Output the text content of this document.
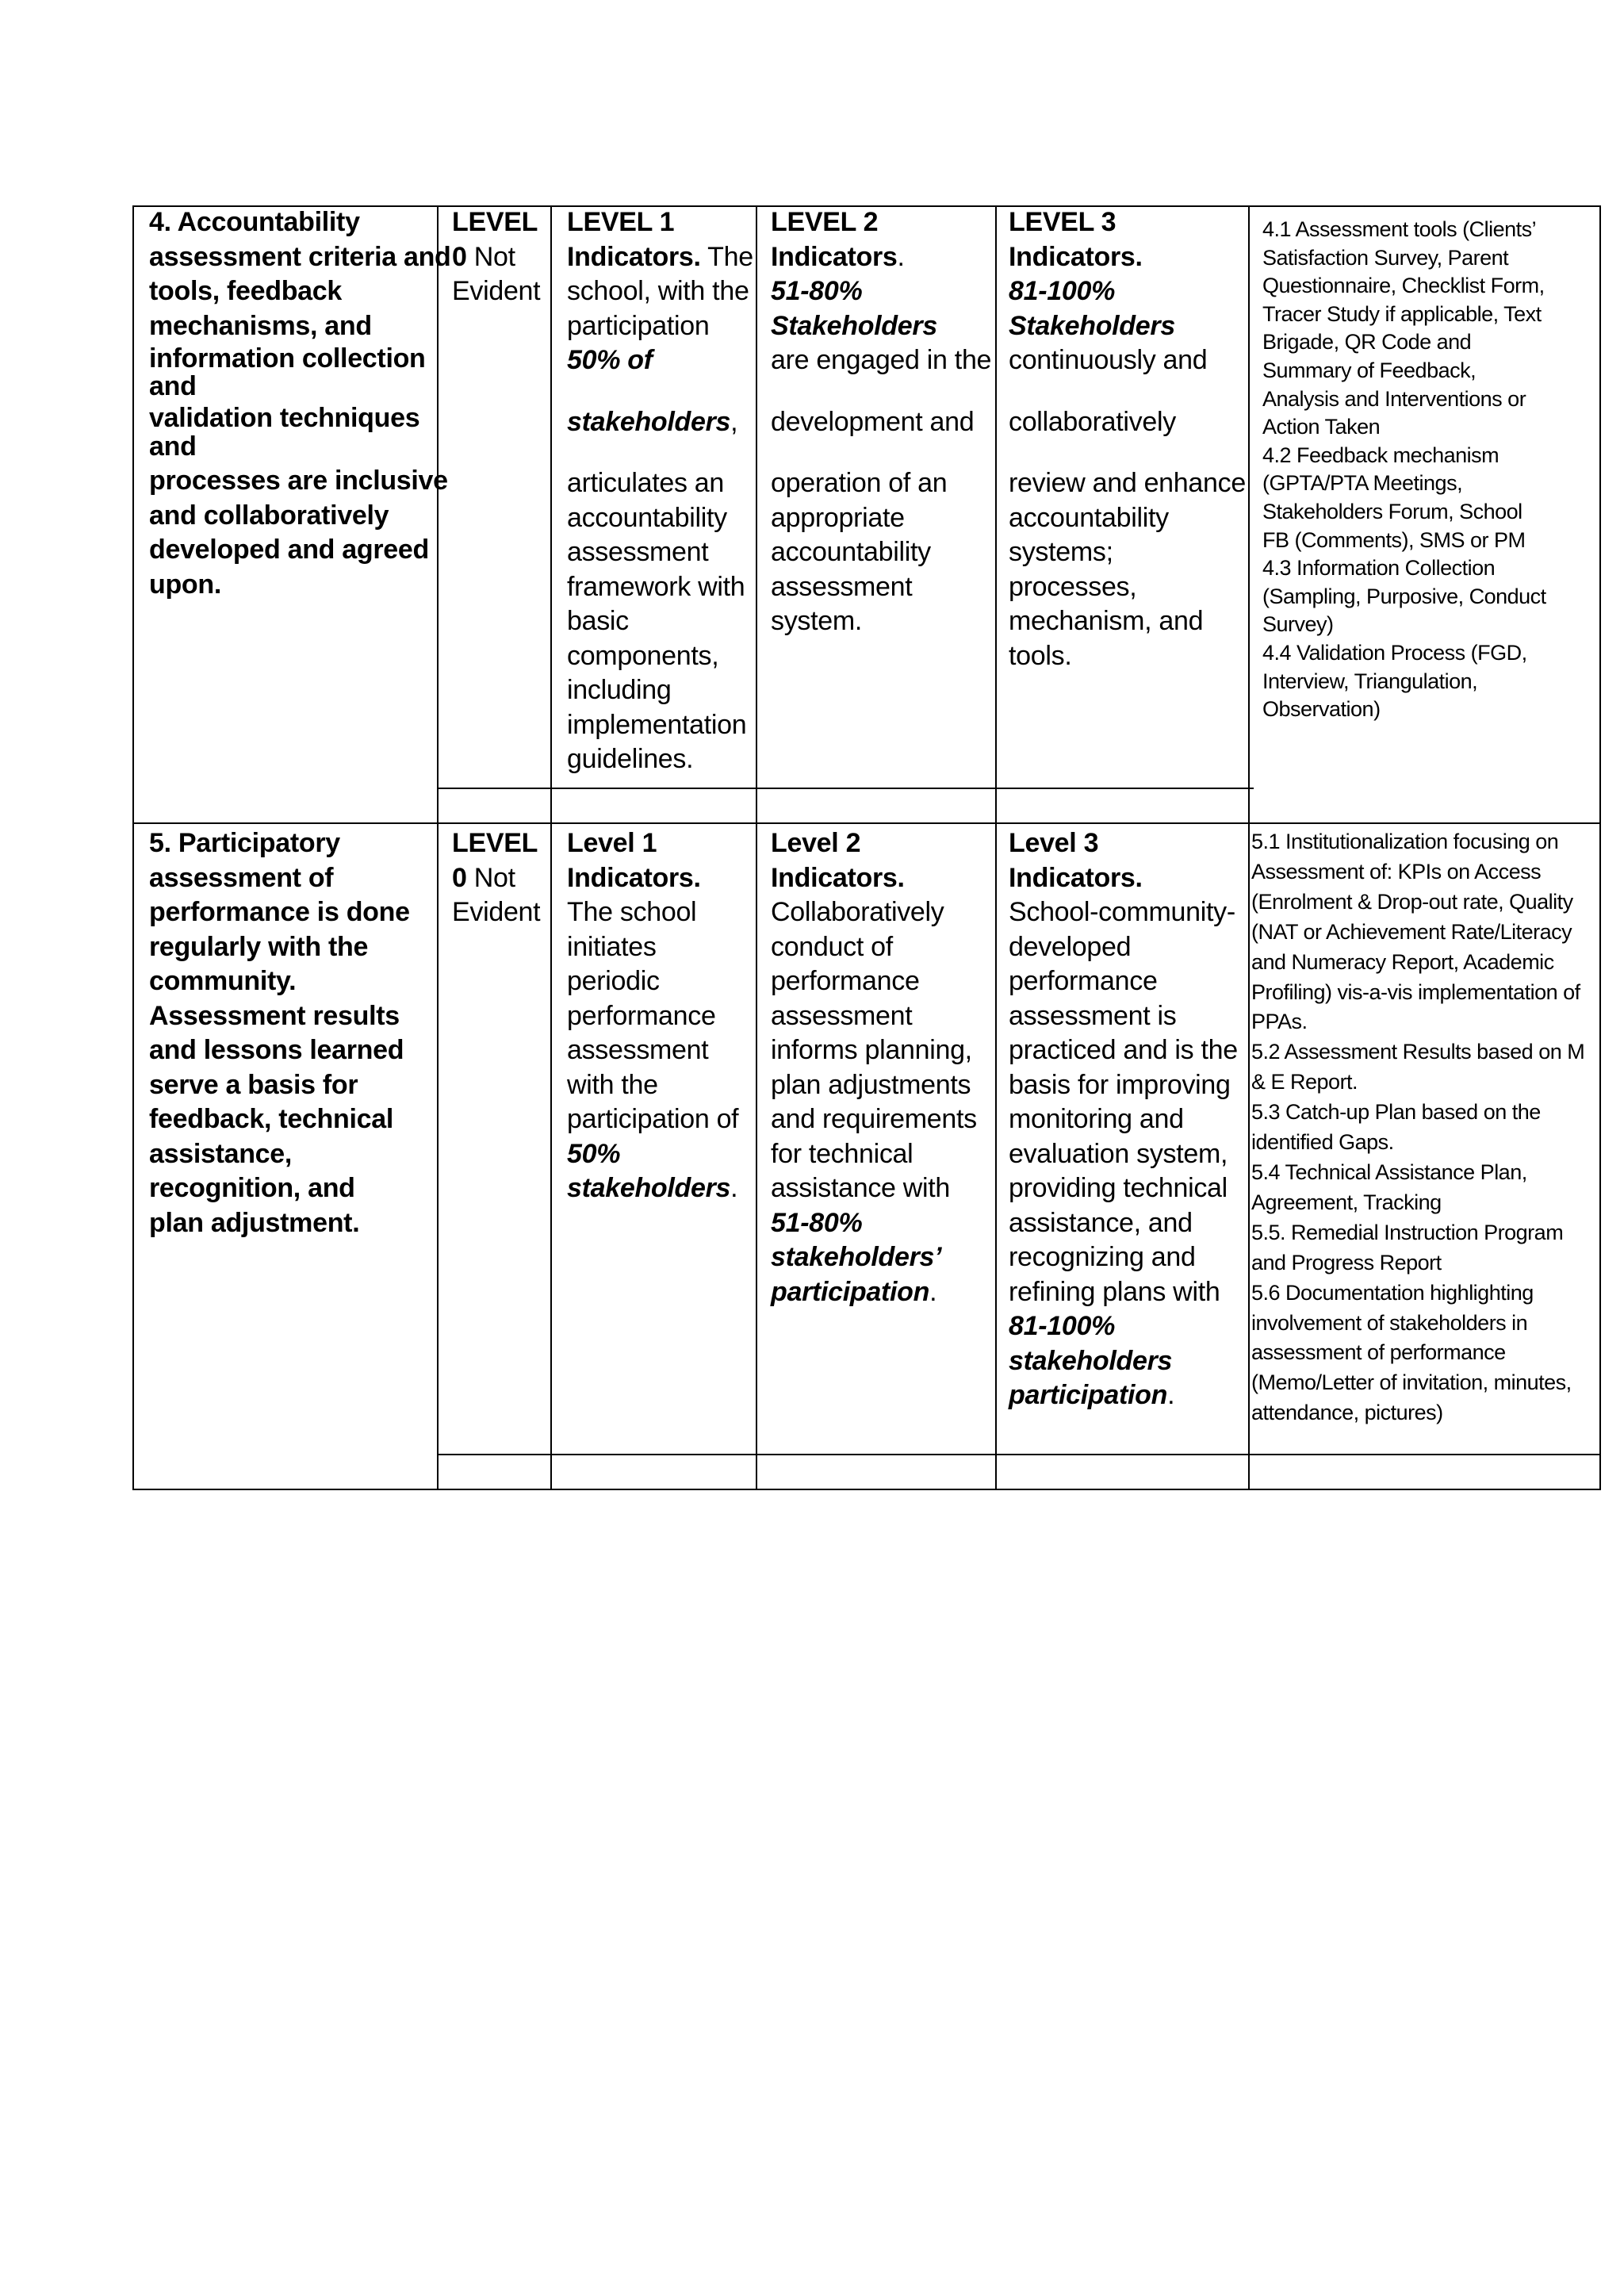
4. Accountability
assessment criteria and
tools, feedback
mechanisms, and
information collection
and
validation techniques
and
processes are inclusive
and collaboratively
developed and agreed
upon.
LEVEL
0 Not
Evident
LEVEL 1
Indicators. The
school, with the
participation
50% of
stakeholders,
articulates an
accountability
assessment
framework with
basic
components,
including
implementation
guidelines.
LEVEL 2
Indicators.
51-80%
Stakeholders
are engaged in the
development and
operation of an
appropriate
accountability
assessment
system.
LEVEL 3
Indicators.
81-100%
Stakeholders
continuously and
collaboratively
review and enhance
accountability
systems;
processes,
mechanism, and
tools.
4.1 Assessment tools (Clients’
Satisfaction Survey, Parent
Questionnaire, Checklist Form,
Tracer Study if applicable, Text
Brigade, QR Code and
Summary of Feedback,
Analysis and Interventions or
Action Taken
4.2 Feedback mechanism
(GPTA/PTA Meetings,
Stakeholders Forum, School
FB (Comments), SMS or PM
4.3 Information Collection
(Sampling, Purposive, Conduct
Survey)
4.4 Validation Process (FGD,
Interview, Triangulation,
Observation)
5. Participatory
assessment of
performance is done
regularly with the
community.
Assessment results
and lessons learned
serve a basis for
feedback, technical
assistance,
recognition, and
plan adjustment.
LEVEL
0 Not
Evident
Level 1
Indicators.
The school
initiates
periodic
performance
assessment
with the
participation of
50%
stakeholders.
Level 2
Indicators.
Collaboratively
conduct of
performance
assessment
informs planning,
plan adjustments
and requirements
for technical
assistance with
51-80%
stakeholders’
participation.
Level 3
Indicators.
School-community-
developed
performance
assessment is
practiced and is the
basis for improving
monitoring and
evaluation system,
providing technical
assistance, and
recognizing and
refining plans with
81-100%
stakeholders
participation.
5.1 Institutionalization focusing on
Assessment of: KPIs on Access
(Enrolment & Drop-out rate, Quality
(NAT or Achievement Rate/Literacy
and Numeracy Report, Academic
Profiling) vis-a-vis implementation of
PPAs.
5.2 Assessment Results based on M
& E Report.
5.3 Catch-up Plan based on the
identified Gaps.
5.4 Technical Assistance Plan,
Agreement, Tracking
5.5. Remedial Instruction Program
and Progress Report
5.6 Documentation highlighting
involvement of stakeholders in
assessment of performance
(Memo/Letter of invitation, minutes,
attendance, pictures)
